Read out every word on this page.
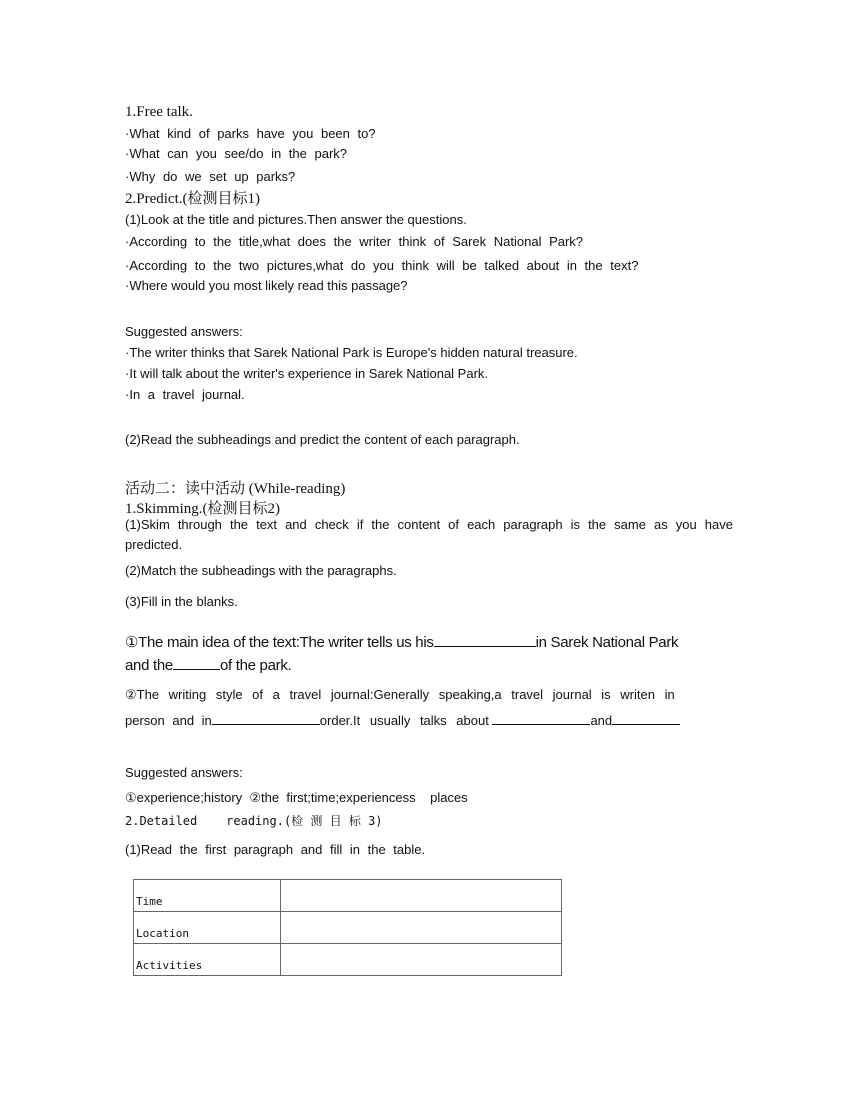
1.Free talk.
·What kind of parks have you been to?
·What can you see/do in the park?
·Why do we set up parks?
2.Predict.(检测目标1)
(1)Look at the title and pictures.Then answer the questions.
·According to the title,what does the writer think of Sarek National Park?
·According to the two pictures,what do you think will be talked about in the text?
·Where would you most likely read this passage?
Suggested answers:
·The writer thinks that Sarek National Park is Europe's hidden natural treasure.
·It will talk about the writer's experience in Sarek National Park.
·In a travel journal.
(2)Read the subheadings and predict the content of each paragraph.
活动二：读中活动 (While-reading)
1.Skimming.(检测目标2)
(1)Skim through the text and check if the content of each paragraph is the same as you have predicted.
(2)Match the subheadings with the paragraphs.
(3)Fill in the blanks.
①The main idea of the text:The writer tells us his	in Sarek National Park
and the	of the park.
②The writing style of a travel journal:Generally speaking,a travel journal is writen in
person and in	order.It usually talks about	and
Suggested answers:
①experience;history  ②the  first;time;experiencess    places
2.Detailed    reading.(检 测 目 标 3)
(1)Read the first paragraph and fill in the table.
Time	
Location	
Activities	
